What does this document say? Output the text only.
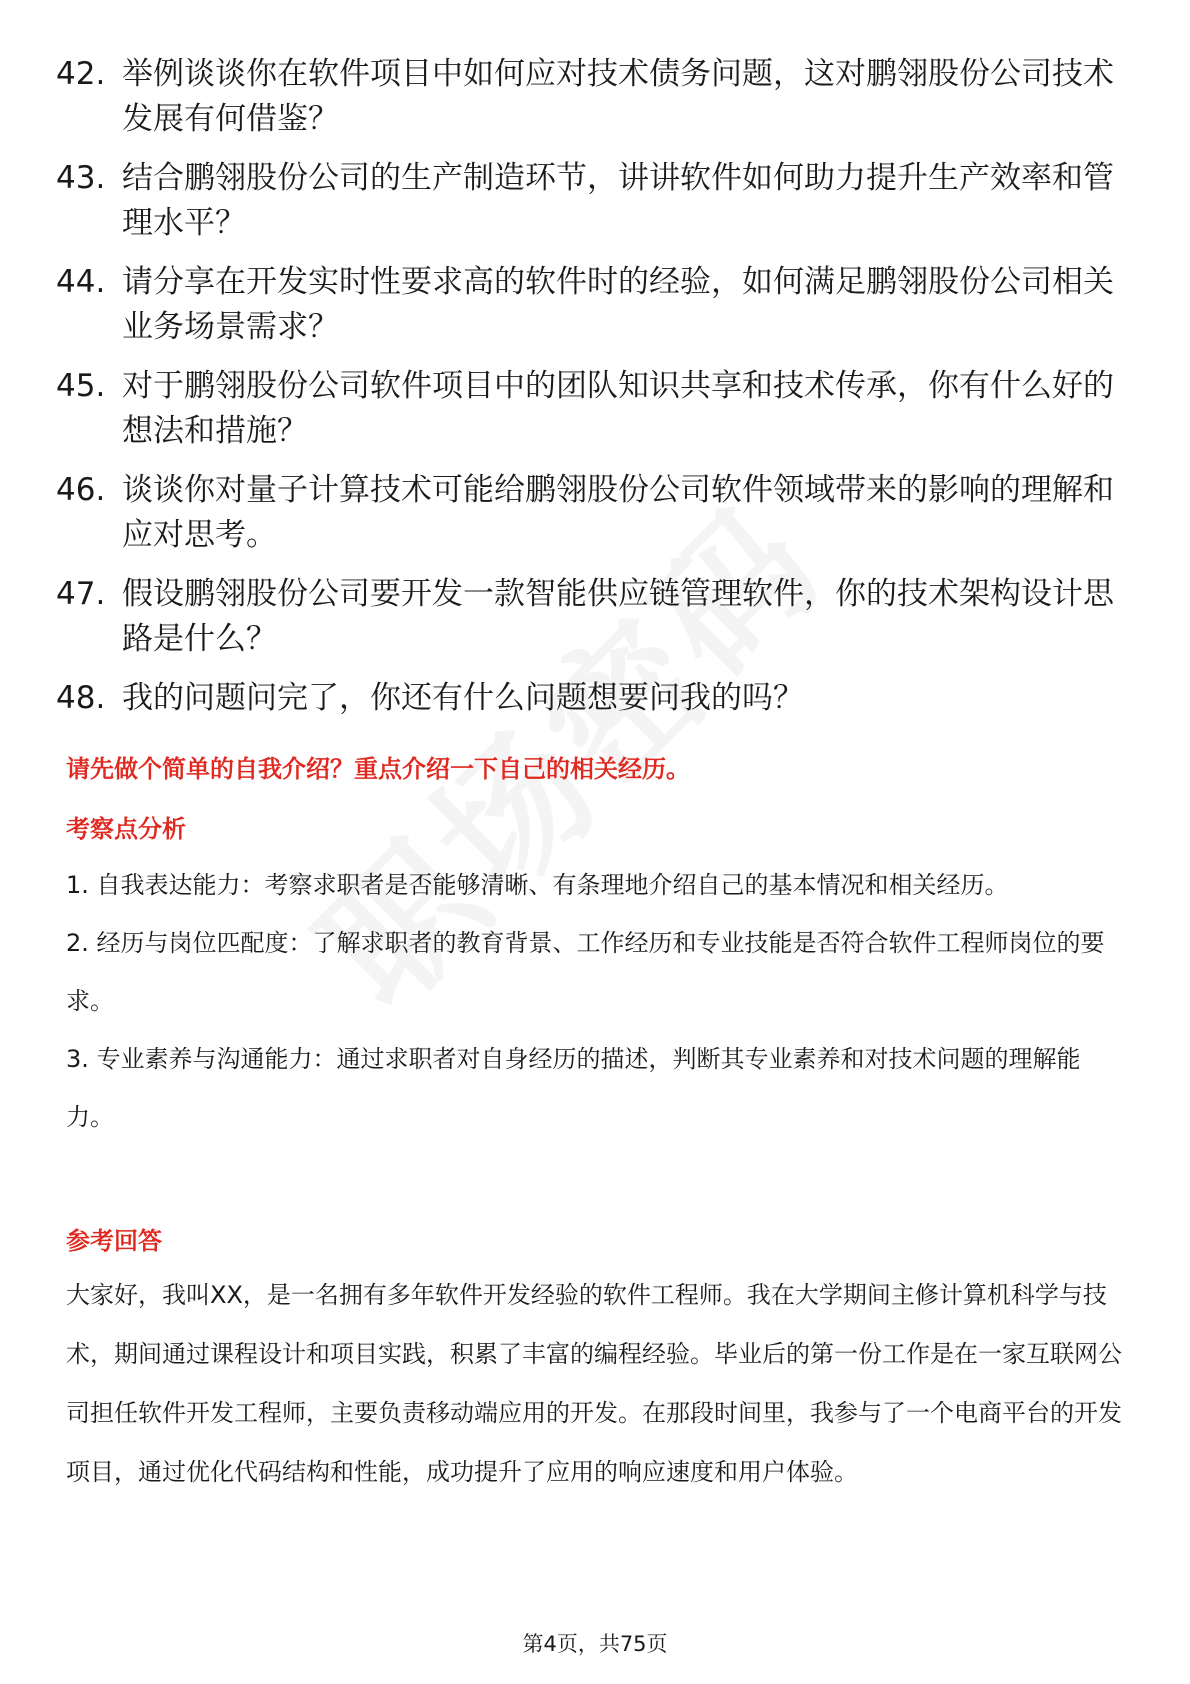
42. 举例谈谈你在软件项目中如何应对技术债务问题，这对鹏翎股份公司技术发展有何借鉴？
43. 结合鹏翎股份公司的生产制造环节，讲讲软件如何助力提升生产效率和管理水平？
44. 请分享在开发实时性要求高的软件时的经验，如何满足鹏翎股份公司相关业务场景需求？
45. 对于鹏翎股份公司软件项目中的团队知识共享和技术传承，你有什么好的想法和措施？
46. 谈谈你对量子计算技术可能给鹏翎股份公司软件领域带来的影响的理解和应对思考。
47. 假设鹏翎股份公司要开发一款智能供应链管理软件，你的技术架构设计思路是什么？
48. 我的问题问完了，你还有什么问题想要问我的吗？
请先做个简单的自我介绍？重点介绍一下自己的相关经历。
考察点分析

1. 自我表达能力：考察求职者是否能够清晰、有条理地介绍自己的基本情况和相关经历。

2. 经历与岗位匹配度：了解求职者的教育背景、工作经历和专业技能是否符合软件工程师岗位的要求。

3. 专业素养与沟通能力：通过求职者对自身经历的描述，判断其专业素养和对技术问题的理解能力。

参考回答

大家好，我叫XX，是一名拥有多年软件开发经验的软件工程师。我在大学期间主修计算机科学与技术，期间通过课程设计和项目实践，积累了丰富的编程经验。毕业后的第一份工作是在一家互联网公司担任软件开发工程师，主要负责移动端应用的开发。在那段时间里，我参与了一个电商平台的开发项目，通过优化代码结构和性能，成功提升了应用的响应速度和用户体验。

第4页，共75页
